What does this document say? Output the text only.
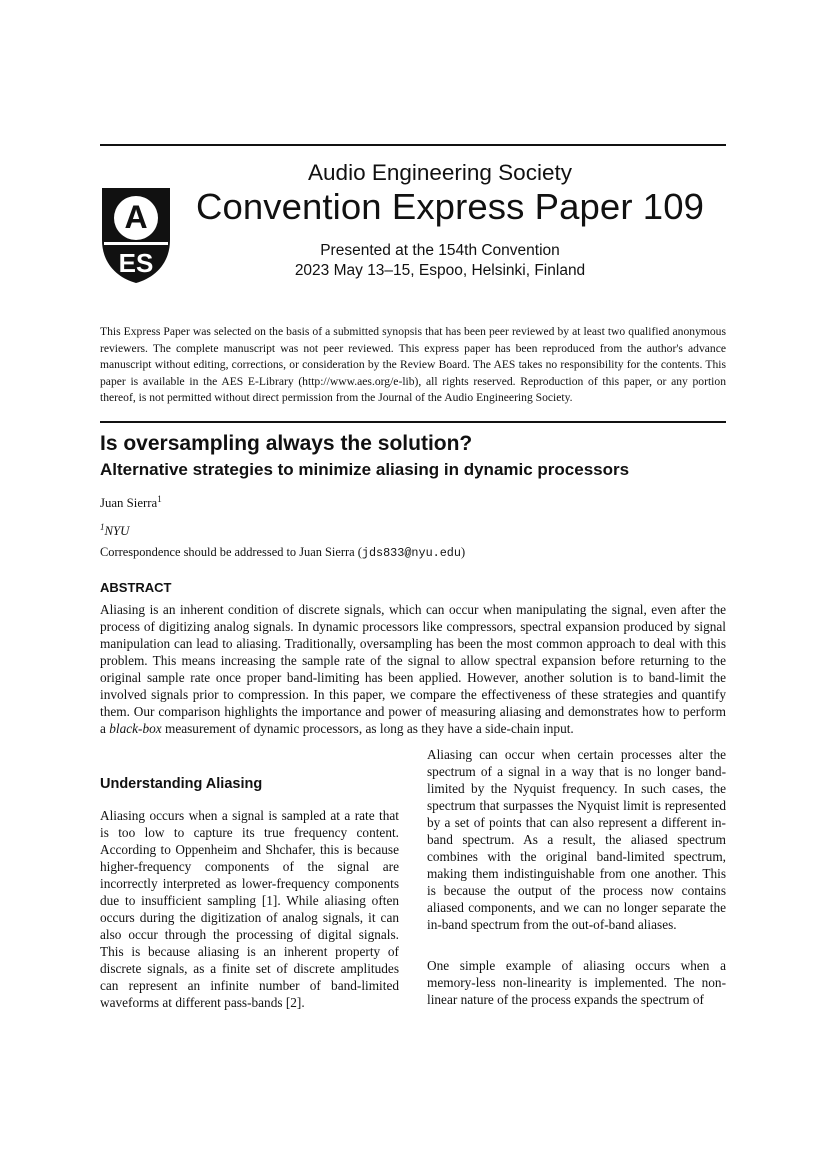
A
ES
Audio Engineering Society
Convention Express Paper 109
Presented at the 154th Convention
2023 May 13–15, Espoo, Helsinki, Finland
This Express Paper was selected on the basis of a submitted synopsis that has been peer reviewed by at least two qualified anonymous reviewers. The complete manuscript was not peer reviewed. This express paper has been reproduced from the author's advance manuscript without editing, corrections, or consideration by the Review Board. The AES takes no responsibility for the contents. This paper is available in the AES E-Library (http://www.aes.org/e-lib), all rights reserved. Reproduction of this paper, or any portion thereof, is not permitted without direct permission from the Journal of the Audio Engineering Society.
Is oversampling always the solution?
Alternative strategies to minimize aliasing in dynamic processors
Juan Sierra$^1$
$^1$NYU
Correspondence should be addressed to Juan Sierra (jds833@nyu.edu)
ABSTRACT
Aliasing is an inherent condition of discrete signals, which can occur when manipulating the signal, even after the process of digitizing analog signals. In dynamic processors like compressors, spectral expansion produced by signal manipulation can lead to aliasing. Traditionally, oversampling has been the most common approach to deal with this problem. This means increasing the sample rate of the signal to allow spectral expansion before returning to the original sample rate once proper band-limiting has been applied. However, another solution is to band-limit the involved signals prior to compression. In this paper, we compare the effectiveness of these strategies and quantify them. Our comparison highlights the importance and power of measuring aliasing and demonstrates how to perform a black-box measurement of dynamic processors, as long as they have a side-chain input.
Understanding Aliasing

Aliasing occurs when a signal is sampled at a rate that is too low to capture its true frequency content. According to Oppenheim and Shchafer, this is because higher-frequency components of the signal are incorrectly interpreted as lower-frequency components due to insufficient sampling [1]. While aliasing often occurs during the digitization of analog signals, it can also occur through the processing of digital signals. This is because aliasing is an inherent property of discrete signals, as a finite set of discrete amplitudes can represent an infinite number of band-limited waveforms at different pass-bands [2].

Aliasing can occur when certain processes alter the spectrum of a signal in a way that is no longer band-limited by the Nyquist frequency. In such cases, the spectrum that surpasses the Nyquist limit is represented by a set of points that can also represent a different in-band spectrum. As a result, the aliased spectrum combines with the original band-limited spectrum, making them indistinguishable from one another. This is because the output of the process now contains aliased components, and we can no longer separate the in-band spectrum from the out-of-band aliases.

One simple example of aliasing occurs when a memory-less non-linearity is implemented. The non-linear nature of the process expands the spectrum of
